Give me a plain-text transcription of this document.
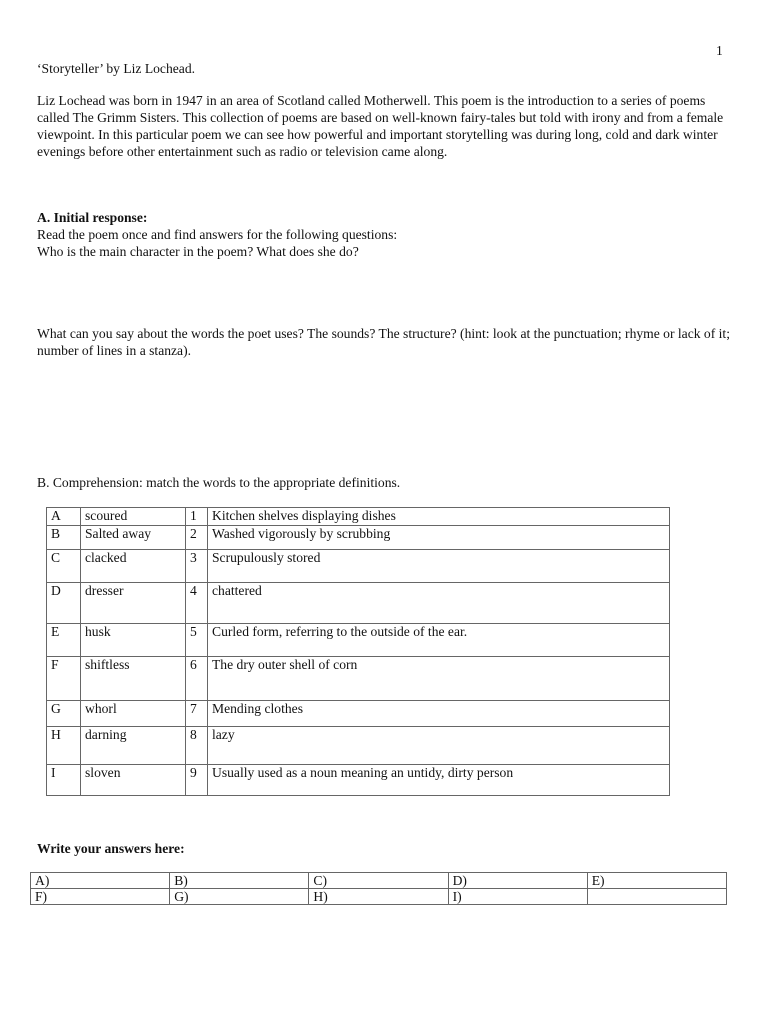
1

‘Storyteller’ by Liz Lochead.

Liz Lochead was born in 1947 in an area of Scotland called Motherwell. This poem is the introduction to a series of poems called The Grimm Sisters. This collection of poems are based on well-known fairy-tales but told with irony and from a female viewpoint. In this particular poem we can see how powerful and important storytelling was during long, cold and dark winter evenings before other entertainment such as radio or television came along.

A. Initial response:

Read the poem once and find answers for the following questions:

Who is the main character in the poem? What does she do?

What can you say about the words the poet uses? The sounds? The structure? (hint: look at the punctuation; rhyme or lack of it; number of lines in a stanza).

B. Comprehension: match the words to the appropriate definitions.

A	scoured	1	Kitchen shelves displaying dishes
B	Salted away	2	Washed vigorously by scrubbing
C	clacked	3	Scrupulously stored
D	dresser	4	chattered
E	husk	5	Curled form, referring to the outside of the ear.
F	shiftless	6	The dry outer shell of corn
G	whorl	7	Mending clothes
H	darning	8	lazy
I	sloven	9	Usually used as a noun meaning an untidy, dirty person

Write your answers here:

A)	B)	C)	D)	E)
F)	G)	H)	I)	
